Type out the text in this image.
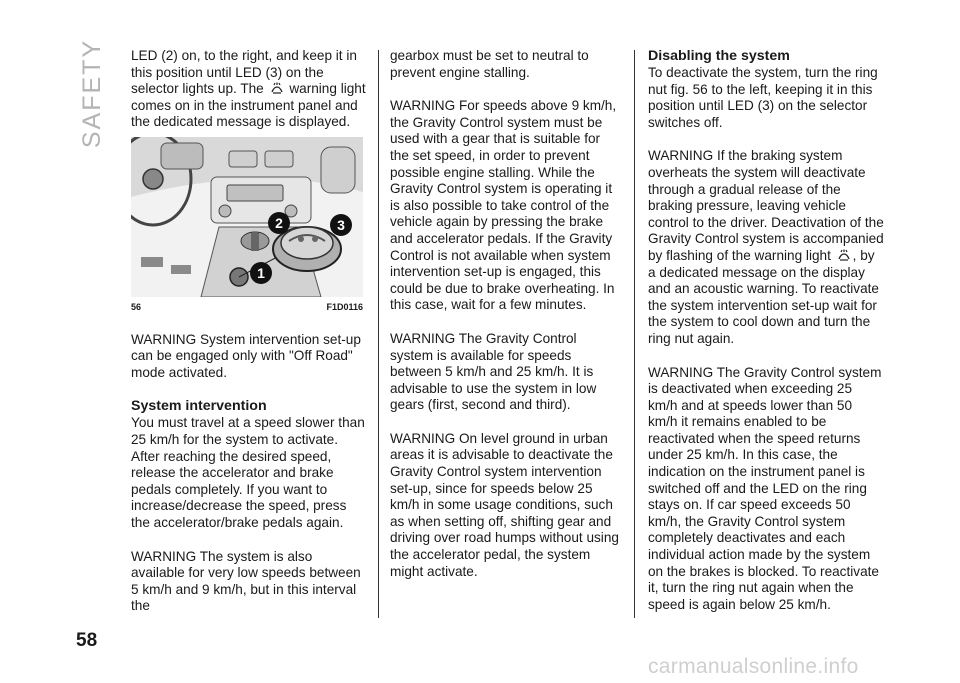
SAFETY LED (2) on, to the right, and keep it in this position until LED (3) on the selector lights up. The warning light comes on in the instrument panel and the dedicated message is displayed.

2	3
1
56	F1D0116

WARNING System intervention set-up can be engaged only with "Off Road" mode activated.

System intervention

You must travel at a speed slower than 25 km/h for the system to activate. After reaching the desired speed, release the accelerator and brake pedals completely. If you want to increase/decrease the speed, press the accelerator/brake pedals again.

WARNING The system is also available for very low speeds between 5 km/h and 9 km/h, but in this interval the

gearbox must be set to neutral to prevent engine stalling.

WARNING For speeds above 9 km/h, the Gravity Control system must be used with a gear that is suitable for the set speed, in order to prevent possible engine stalling. While the Gravity Control system is operating it is also possible to take control of the vehicle again by pressing the brake and accelerator pedals. If the Gravity Control is not available when system intervention set-up is engaged, this could be due to brake overheating. In this case, wait for a few minutes.

WARNING The Gravity Control system is available for speeds between 5 km/h and 25 km/h. It is advisable to use the system in low gears (first, second and third).

WARNING On level ground in urban areas it is advisable to deactivate the Gravity Control system intervention set-up, since for speeds below 25 km/h in some usage conditions, such as when setting off, shifting gear and driving over road humps without using the accelerator pedal, the system might activate.

Disabling the system

To deactivate the system, turn the ring nut fig. 56 to the left, keeping it in this position until LED (3) on the selector switches off.

WARNING If the braking system overheats the system will deactivate through a gradual release of the braking pressure, leaving vehicle control to the driver. Deactivation of the Gravity Control system is accompanied by flashing of the warning light , by a dedicated message on the display and an acoustic warning. To reactivate the system intervention set-up wait for the system to cool down and turn the ring nut again.

WARNING The Gravity Control system is deactivated when exceeding 25 km/h and at speeds lower than 50 km/h it remains enabled to be reactivated when the speed returns under 25 km/h. In this case, the indication on the instrument panel is switched off and the LED on the ring stays on. If car speed exceeds 50 km/h, the Gravity Control system completely deactivates and each individual action made by the system on the brakes is blocked. To reactivate it, turn the ring nut again when the speed is again below 25 km/h.

58
carmanualsonline.info
